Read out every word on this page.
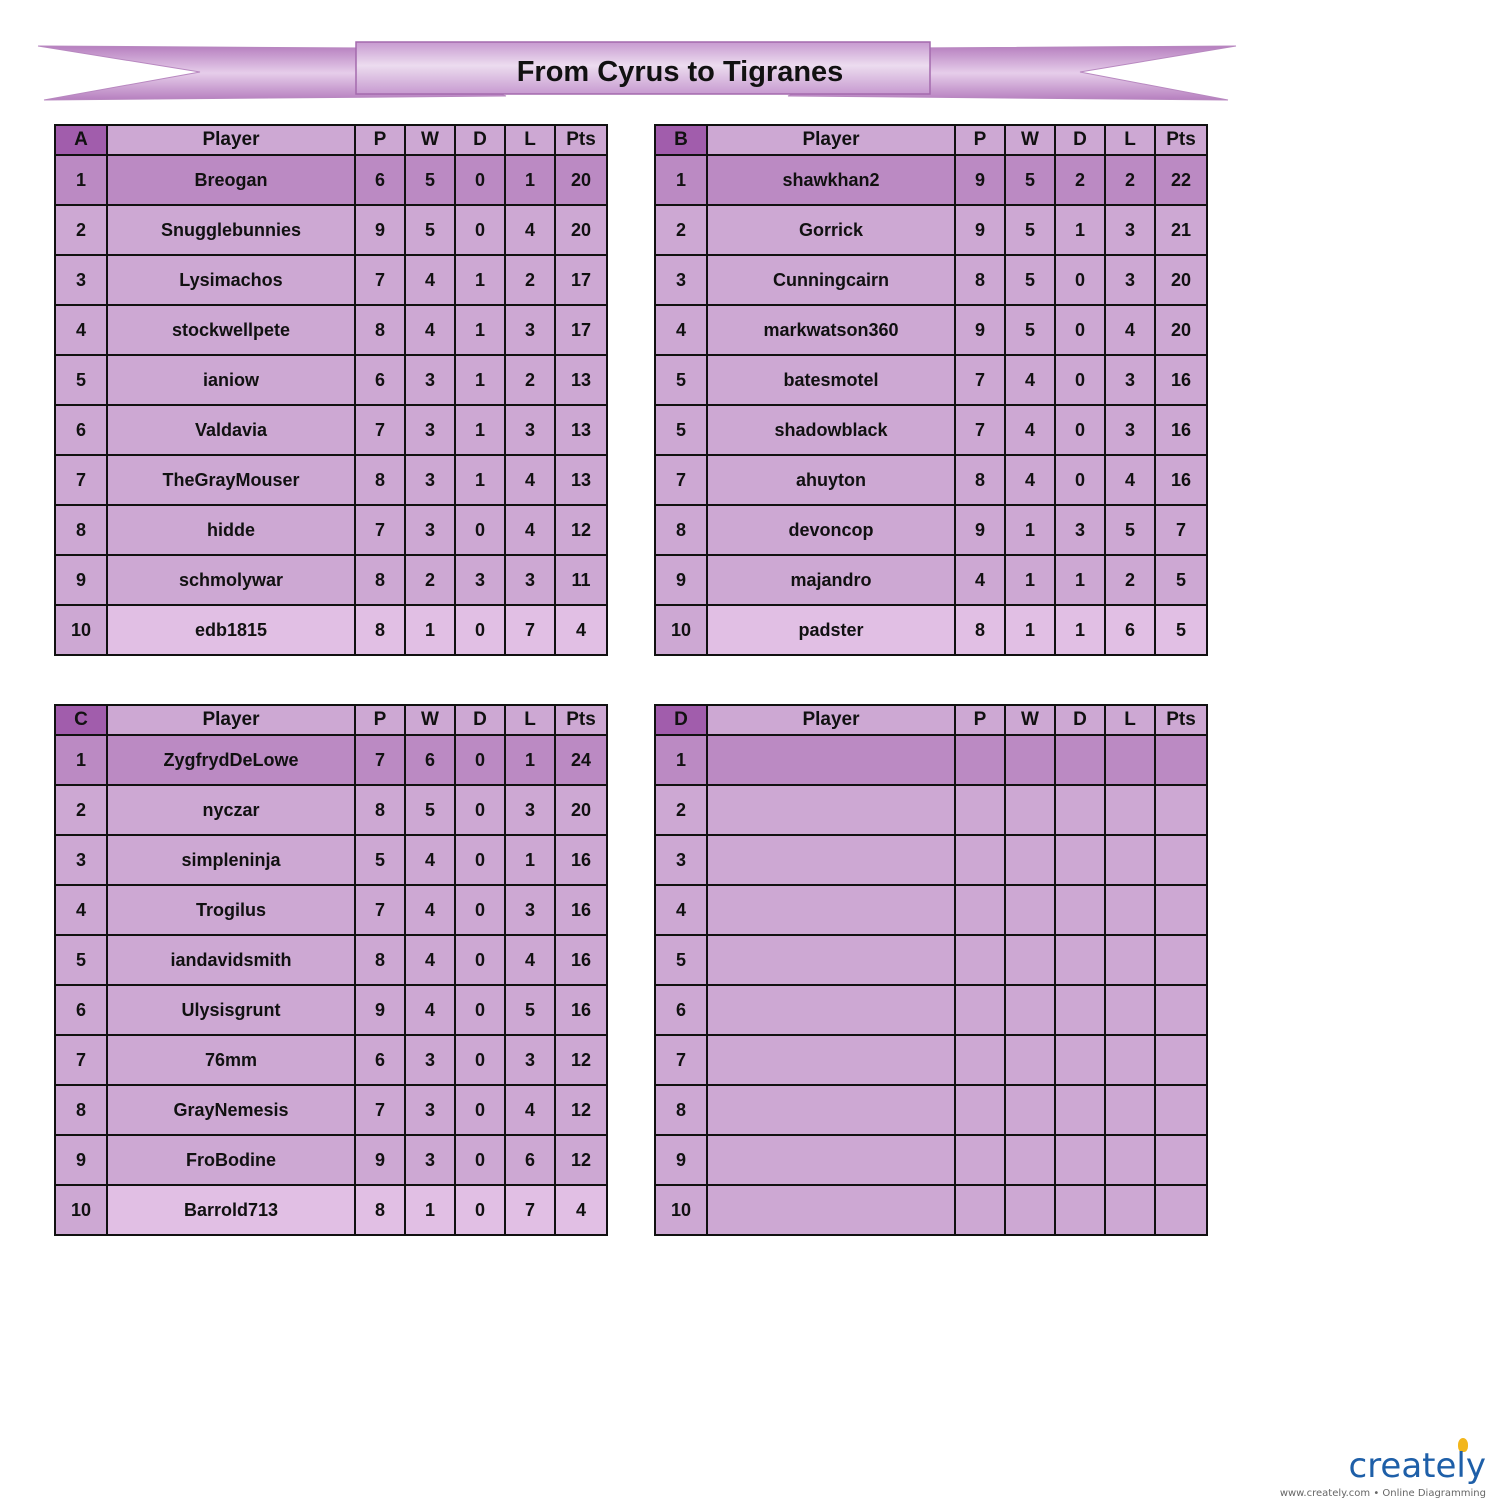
From Cyrus to Tigranes
A	Player	P	W	D	L	Pts
1	Breogan	6	5	0	1	20
2	Snugglebunnies	9	5	0	4	20
3	Lysimachos	7	4	1	2	17
4	stockwellpete	8	4	1	3	17
5	ianiow	6	3	1	2	13
6	Valdavia	7	3	1	3	13
7	TheGrayMouser	8	3	1	4	13
8	hidde	7	3	0	4	12
9	schmolywar	8	2	3	3	11
10	edb1815	8	1	0	7	4
B	Player	P	W	D	L	Pts
1	shawkhan2	9	5	2	2	22
2	Gorrick	9	5	1	3	21
3	Cunningcairn	8	5	0	3	20
4	markwatson360	9	5	0	4	20
5	batesmotel	7	4	0	3	16
5	shadowblack	7	4	0	3	16
7	ahuyton	8	4	0	4	16
8	devoncop	9	1	3	5	7
9	majandro	4	1	1	2	5
10	padster	8	1	1	6	5
C	Player	P	W	D	L	Pts
1	ZygfrydDeLowe	7	6	0	1	24
2	nyczar	8	5	0	3	20
3	simpleninja	5	4	0	1	16
4	Trogilus	7	4	0	3	16
5	iandavidsmith	8	4	0	4	16
6	Ulysisgrunt	9	4	0	5	16
7	76mm	6	3	0	3	12
8	GrayNemesis	7	3	0	4	12
9	FroBodine	9	3	0	6	12
10	Barrold713	8	1	0	7	4
D	Player	P	W	D	L	Pts
1						
2						
3						
4						
5						
6						
7						
8						
9						
10						
creately
www.creately.com • Online Diagramming
